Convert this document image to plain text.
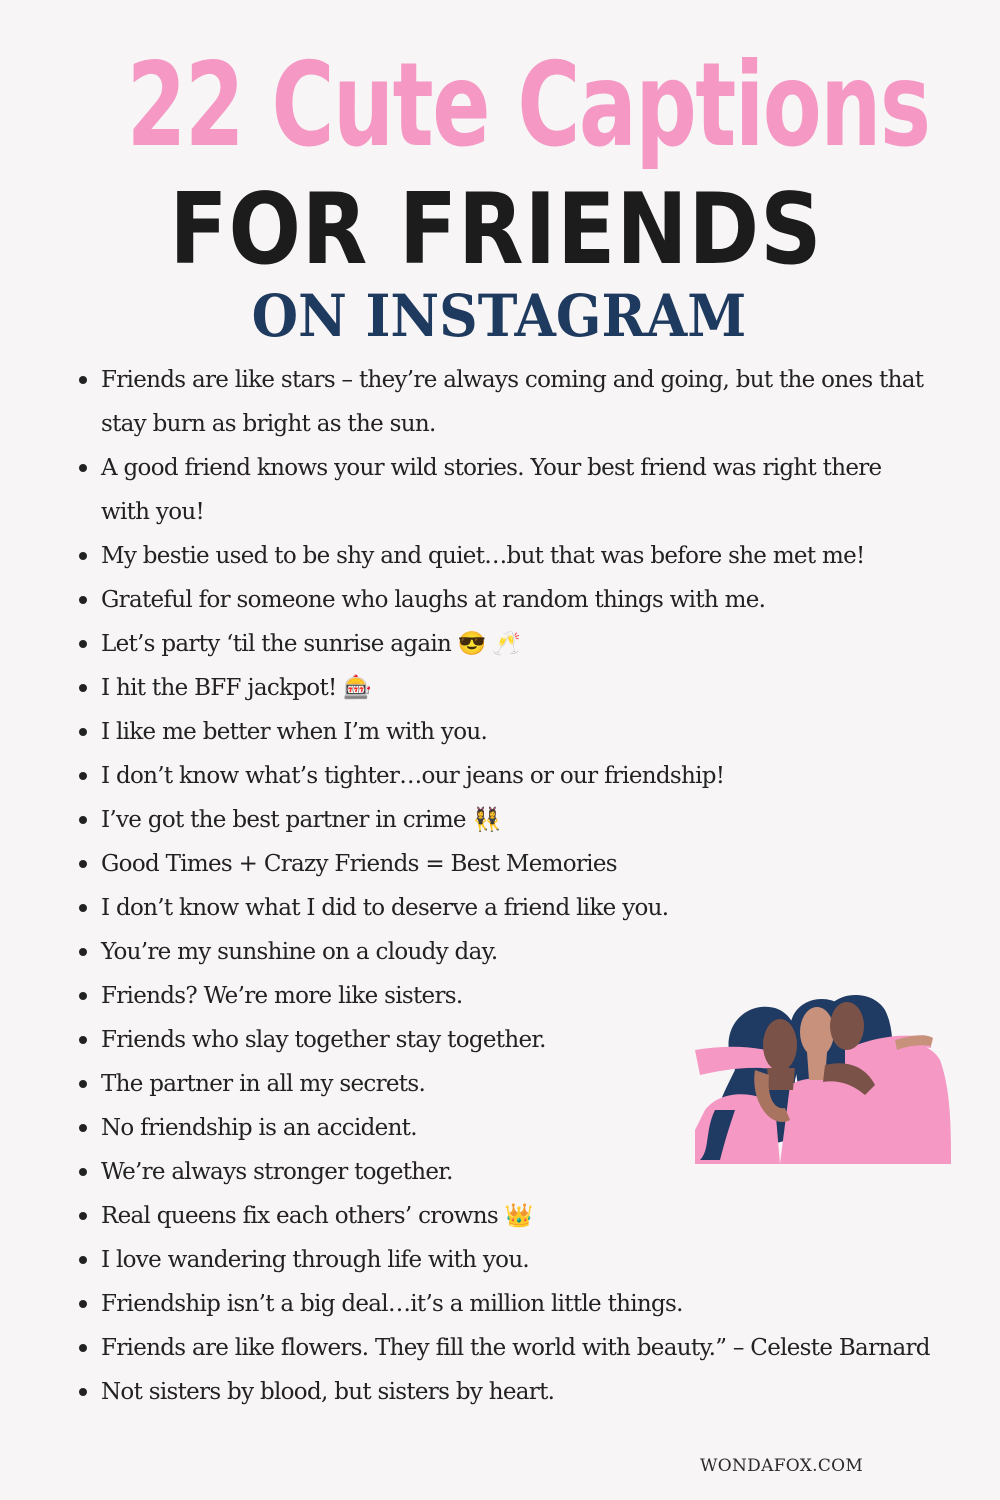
22 Cute Captions
FOR FRIENDS
ON INSTAGRAM
Friends are like stars – they’re always coming and going, but the ones that stay burn as bright as the sun.
A good friend knows your wild stories. Your best friend was right there with you!
My bestie used to be shy and quiet…but that was before she met me!
Grateful for someone who laughs at random things with me.
Let’s party ‘til the sunrise again 😎 🥂
I hit the BFF jackpot! 🎰
I like me better when I’m with you.
I don’t know what’s tighter…our jeans or our friendship!
I’ve got the best partner in crime 👯‍♀️
Good Times + Crazy Friends = Best Memories
I don’t know what I did to deserve a friend like you.
You’re my sunshine on a cloudy day.
Friends? We’re more like sisters.
Friends who slay together stay together.
The partner in all my secrets.
No friendship is an accident.
We’re always stronger together.
Real queens fix each others’ crowns 👑
I love wandering through life with you.
Friendship isn’t a big deal…it’s a million little things.
Friends are like flowers. They fill the world with beauty.” – Celeste Barnard
Not sisters by blood, but sisters by heart.
WONDAFOX.COM
